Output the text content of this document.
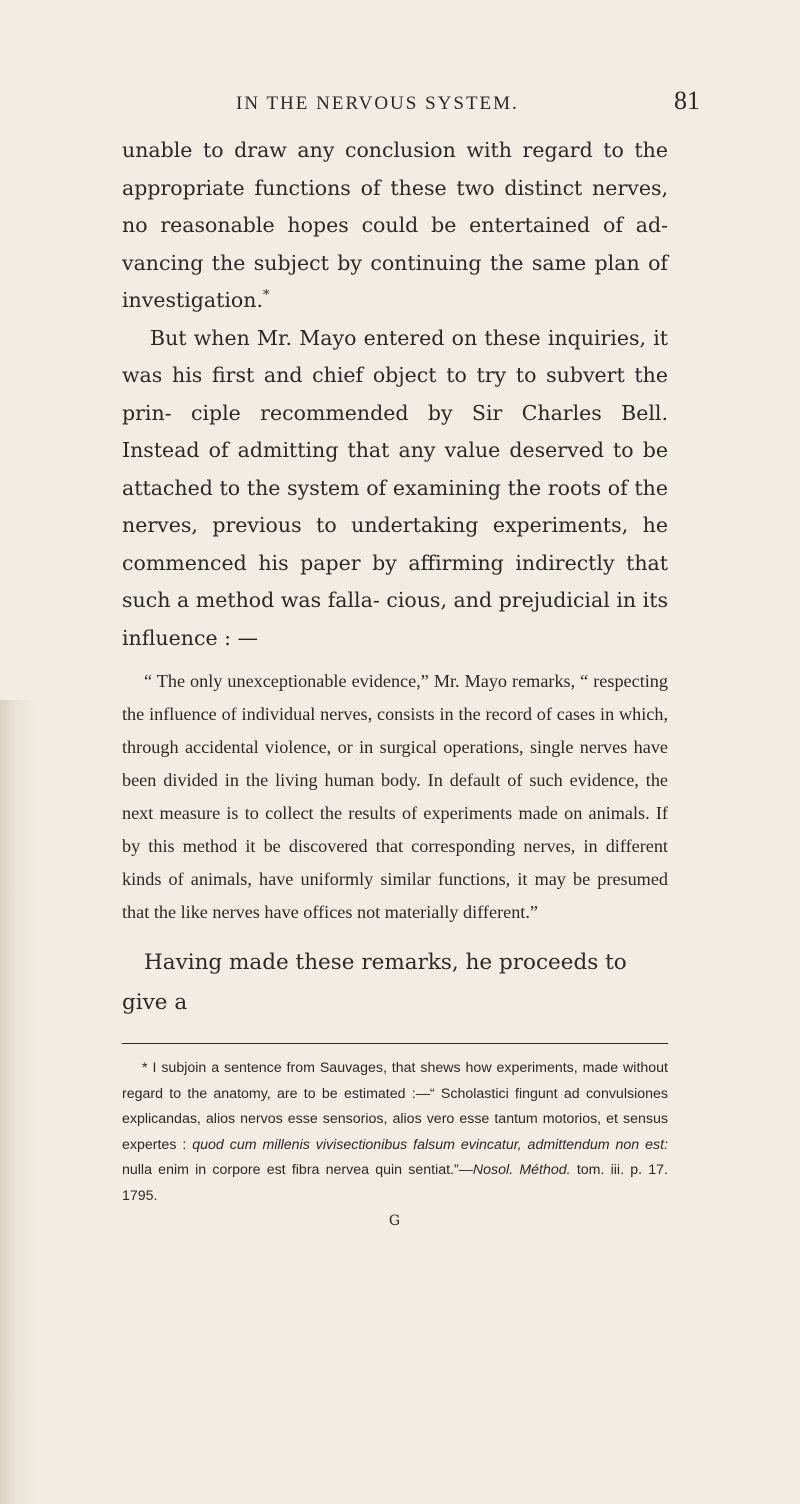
IN THE NERVOUS SYSTEM.	81

unable to draw any conclusion with regard to the appropriate functions of these two distinct nerves, no reasonable hopes could be entertained of ad- vancing the subject by continuing the same plan of investigation.*

But when Mr. Mayo entered on these inquiries, it was his first and chief object to try to subvert the prin- ciple recommended by Sir Charles Bell. Instead of admitting that any value deserved to be attached to the system of examining the roots of the nerves, previous to undertaking experiments, he commenced his paper by affirming indirectly that such a method was falla- cious, and prejudicial in its influence : —

“ The only unexceptionable evidence,” Mr. Mayo remarks, “ respecting the influence of individual nerves, consists in the record of cases in which, through accidental violence, or in surgical operations, single nerves have been divided in the living human body. In default of such evidence, the next measure is to collect the results of experiments made on animals. If by this method it be discovered that corresponding nerves, in different kinds of animals, have uniformly similar functions, it may be presumed that the like nerves have offices not materially different.”

Having made these remarks, he proceeds to give a

* I subjoin a sentence from Sauvages, that shews how experiments, made without regard to the anatomy, are to be estimated :—“ Scholastici fingunt ad convulsiones explicandas, alios nervos esse sensorios, alios vero esse tantum motorios, et sensus expertes : quod cum millenis vivisectionibus falsum evincatur, admittendum non est: nulla enim in corpore est fibra nervea quin sentiat.”—Nosol. Méthod. tom. iii. p. 17. 1795.

G
